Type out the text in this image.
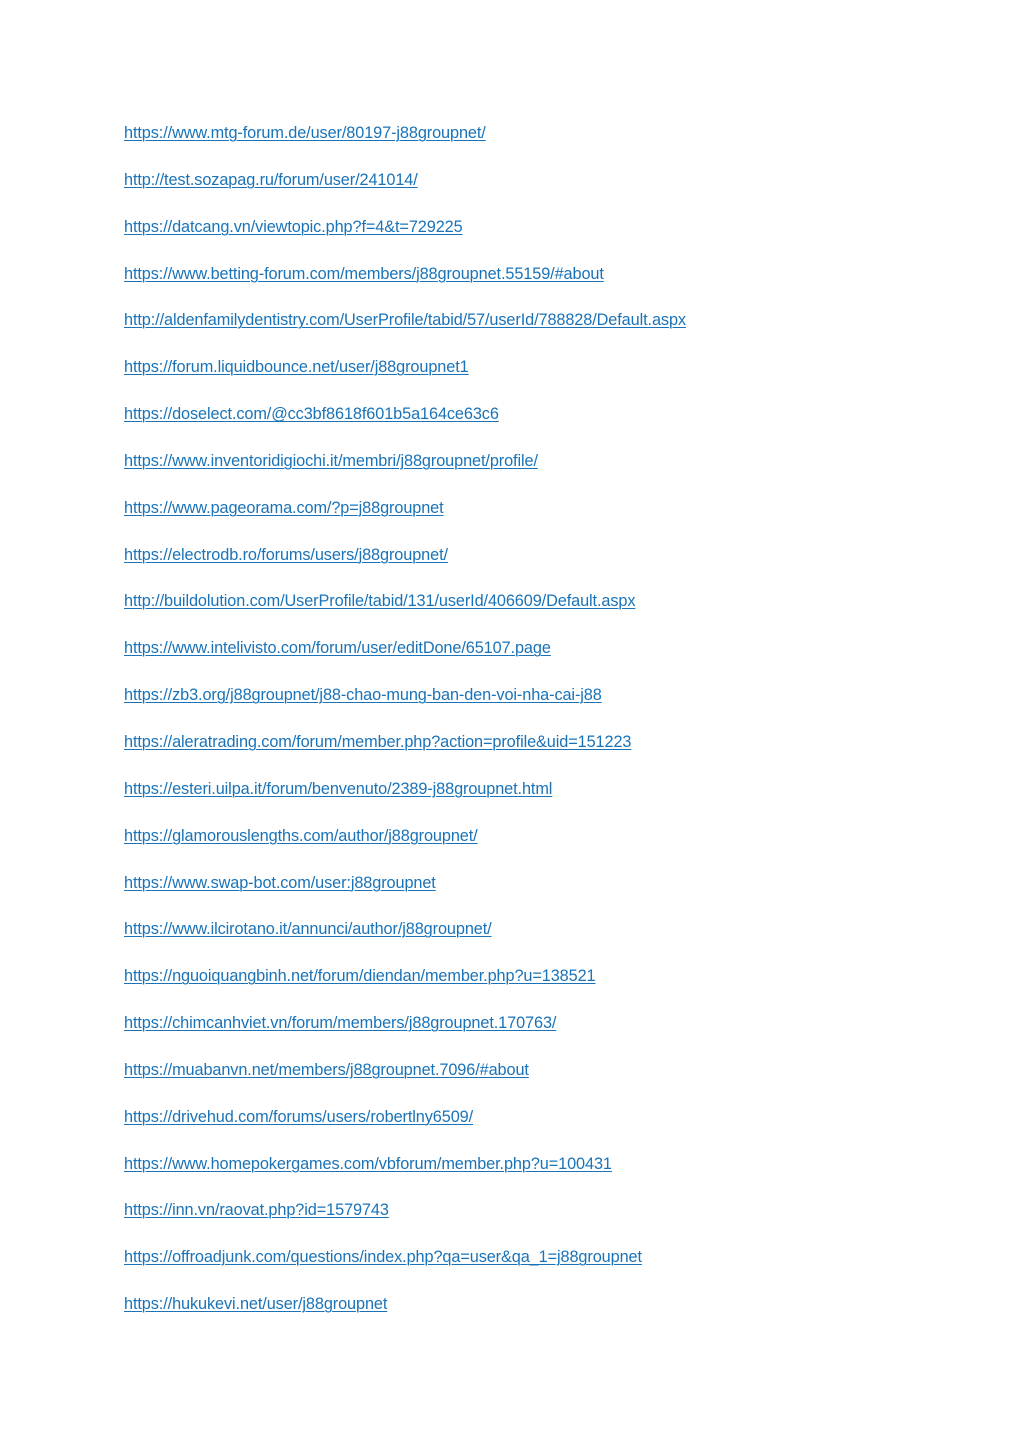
https://www.mtg-forum.de/user/80197-j88groupnet/
http://test.sozapag.ru/forum/user/241014/
https://datcang.vn/viewtopic.php?f=4&t=729225
https://www.betting-forum.com/members/j88groupnet.55159/#about
http://aldenfamilydentistry.com/UserProfile/tabid/57/userId/788828/Default.aspx
https://forum.liquidbounce.net/user/j88groupnet1
https://doselect.com/@cc3bf8618f601b5a164ce63c6
https://www.inventoridigiochi.it/membri/j88groupnet/profile/
https://www.pageorama.com/?p=j88groupnet
https://electrodb.ro/forums/users/j88groupnet/
http://buildolution.com/UserProfile/tabid/131/userId/406609/Default.aspx
https://www.intelivisto.com/forum/user/editDone/65107.page
https://zb3.org/j88groupnet/j88-chao-mung-ban-den-voi-nha-cai-j88
https://aleratrading.com/forum/member.php?action=profile&uid=151223
https://esteri.uilpa.it/forum/benvenuto/2389-j88groupnet.html
https://glamorouslengths.com/author/j88groupnet/
https://www.swap-bot.com/user:j88groupnet
https://www.ilcirotano.it/annunci/author/j88groupnet/
https://nguoiquangbinh.net/forum/diendan/member.php?u=138521
https://chimcanhviet.vn/forum/members/j88groupnet.170763/
https://muabanvn.net/members/j88groupnet.7096/#about
https://drivehud.com/forums/users/robertlny6509/
https://www.homepokergames.com/vbforum/member.php?u=100431
https://inn.vn/raovat.php?id=1579743
https://offroadjunk.com/questions/index.php?qa=user&qa_1=j88groupnet
https://hukukevi.net/user/j88groupnet
